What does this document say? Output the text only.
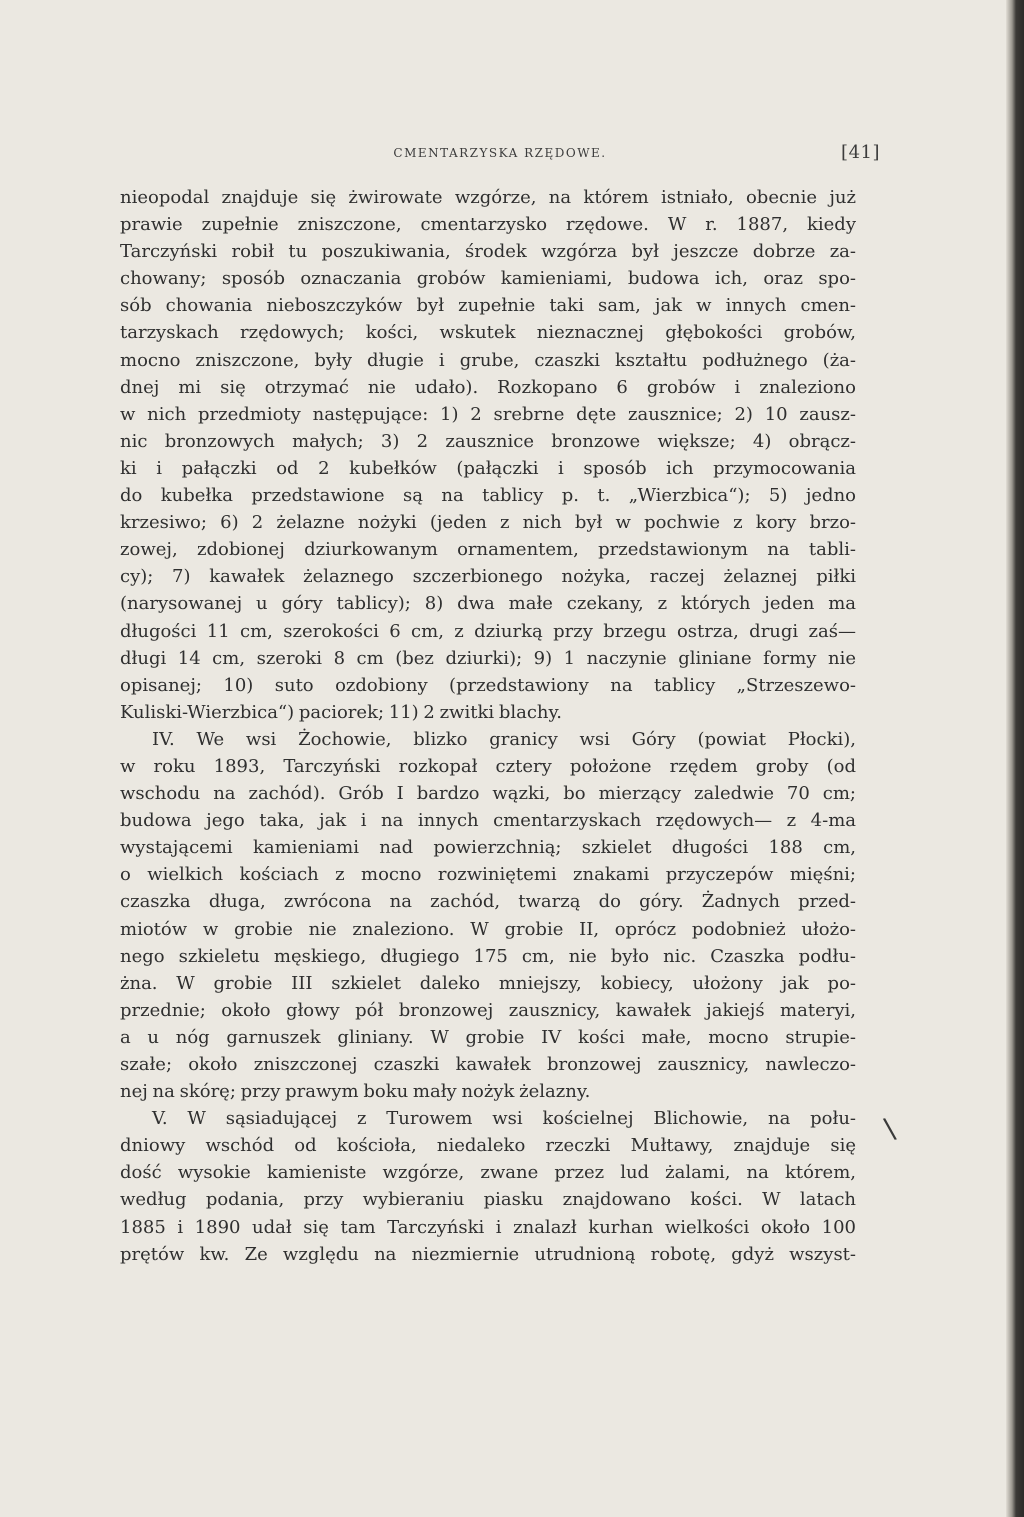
CMENTARZYSKA RZĘDOWE.	[41]
nieopodal znajduje się żwirowate wzgórze, na którem istniało, obecnie już
prawie zupełnie zniszczone, cmentarzysko rzędowe. W r. 1887, kiedy
Tarczyński robił tu poszukiwania, środek wzgórza był jeszcze dobrze za-
chowany; sposób oznaczania grobów kamieniami, budowa ich, oraz spo-
sób chowania nieboszczyków był zupełnie taki sam, jak w innych cmen-
tarzyskach rzędowych; kości, wskutek nieznacznej głębokości grobów,
mocno zniszczone, były długie i grube, czaszki kształtu podłużnego (ża-
dnej mi się otrzymać nie udało). Rozkopano 6 grobów i znaleziono
w nich przedmioty następujące: 1) 2 srebrne dęte zausznice; 2) 10 zausz-
nic bronzowych małych; 3) 2 zausznice bronzowe większe; 4) obrącz-
ki i pałączki od 2 kubełków (pałączki i sposób ich przymocowania
do kubełka przedstawione są na tablicy p. t. „Wierzbica“); 5) jedno
krzesiwo; 6) 2 żelazne nożyki (jeden z nich był w pochwie z kory brzo-
zowej, zdobionej dziurkowanym ornamentem, przedstawionym na tabli-
cy); 7) kawałek żelaznego szczerbionego nożyka, raczej żelaznej piłki
(narysowanej u góry tablicy); 8) dwa małe czekany, z których jeden ma
długości 11 cm, szerokości 6 cm, z dziurką przy brzegu ostrza, drugi zaś—
długi 14 cm, szeroki 8 cm (bez dziurki); 9) 1 naczynie gliniane formy nie
opisanej; 10) suto ozdobiony (przedstawiony na tablicy „Strzeszewo-
Kuliski-Wierzbica“) paciorek; 11) 2 zwitki blachy.
IV. We wsi Żochowie, blizko granicy wsi Góry (powiat Płocki),
w roku 1893, Tarczyński rozkopał cztery położone rzędem groby (od
wschodu na zachód). Grób I bardzo wązki, bo mierzący zaledwie 70 cm;
budowa jego taka, jak i na innych cmentarzyskach rzędowych— z 4-ma
wystającemi kamieniami nad powierzchnią; szkielet długości 188 cm,
o wielkich kościach z mocno rozwiniętemi znakami przyczepów mięśni;
czaszka długa, zwrócona na zachód, twarzą do góry. Żadnych przed-
miotów w grobie nie znaleziono. W grobie II, oprócz podobnież ułożo-
nego szkieletu męskiego, długiego 175 cm, nie było nic. Czaszka podłu-
żna. W grobie III szkielet daleko mniejszy, kobiecy, ułożony jak po-
przednie; około głowy pół bronzowej zausznicy, kawałek jakiejś materyi,
a u nóg garnuszek gliniany. W grobie IV kości małe, mocno strupie-
szałe; około zniszczonej czaszki kawałek bronzowej zausznicy, nawleczo-
nej na skórę; przy prawym boku mały nożyk żelazny.
V. W sąsiadującej z Turowem wsi kościelnej Blichowie, na połu-
dniowy wschód od kościoła, niedaleko rzeczki Mułtawy, znajduje się
dość wysokie kamieniste wzgórze, zwane przez lud żalami, na którem,
według podania, przy wybieraniu piasku znajdowano kości. W latach
1885 i 1890 udał się tam Tarczyński i znalazł kurhan wielkości około 100
prętów kw. Ze względu na niezmiernie utrudnioną robotę, gdyż wszyst-
\
